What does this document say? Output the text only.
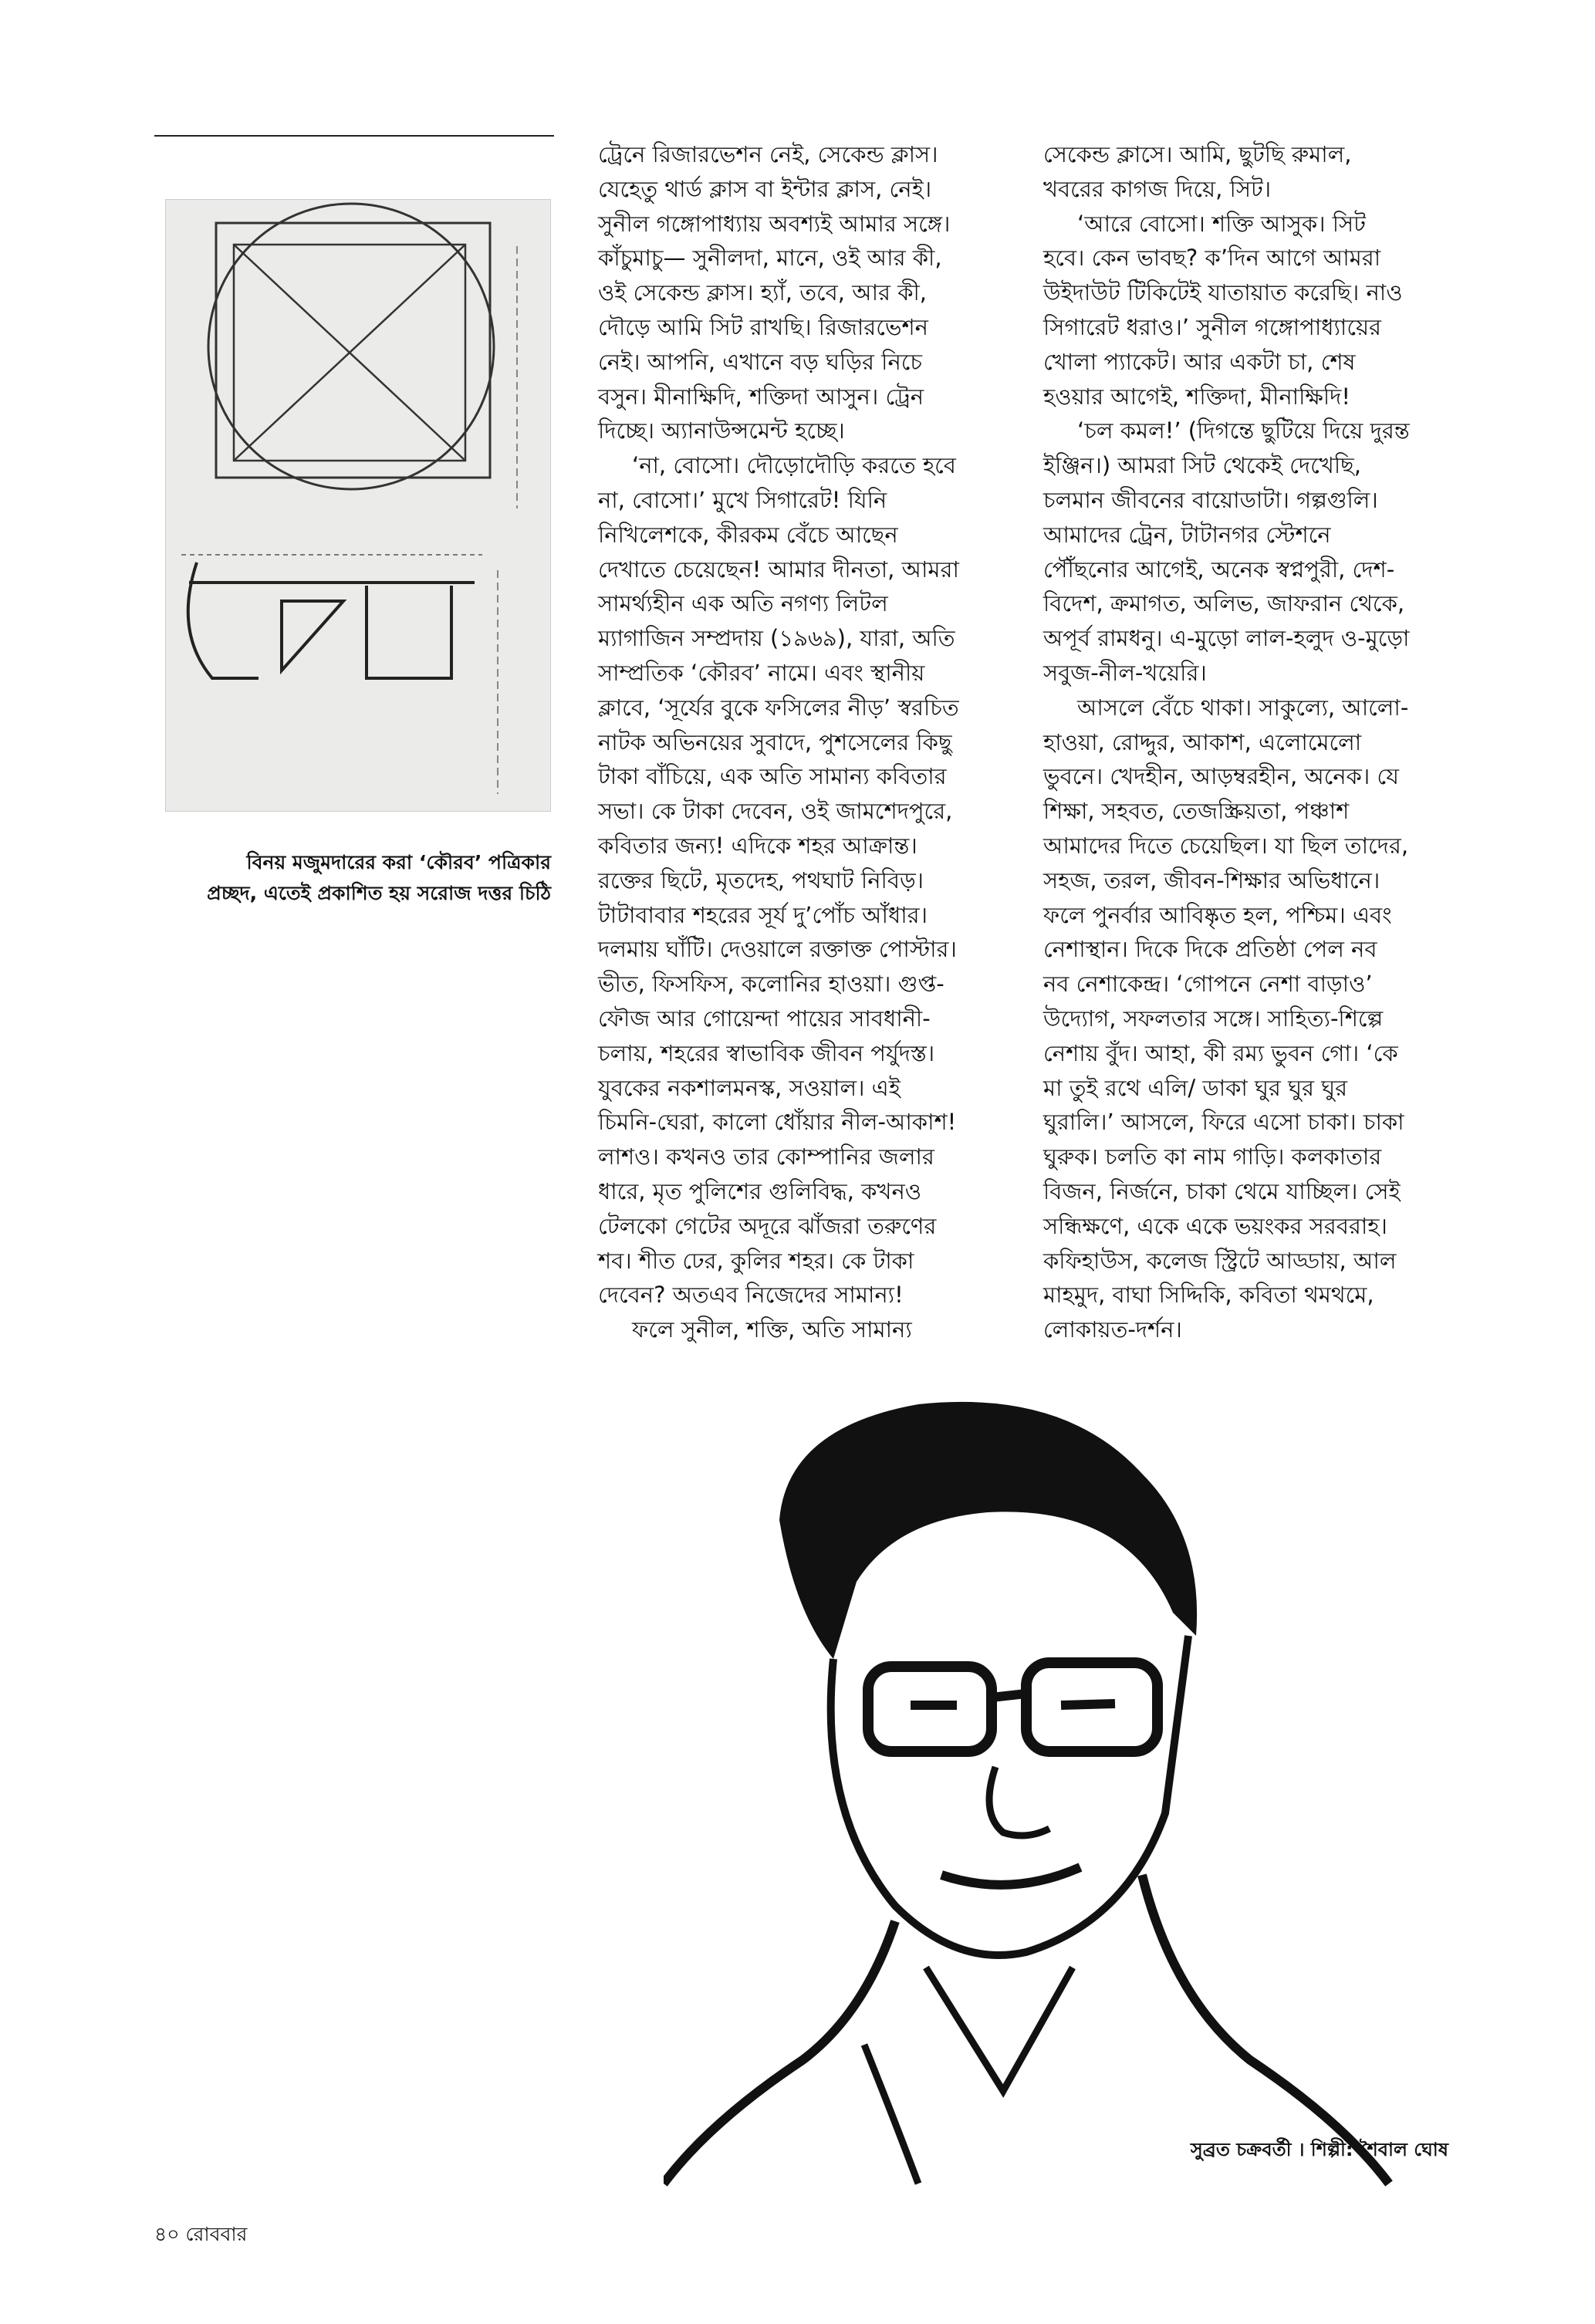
বিনয় মজুমদারের করা ‘কৌরব’ পত্রিকার
প্রচ্ছদ, এতেই প্রকাশিত হয় সরোজ দত্তর চিঠি
ট্রেনে রিজারভেশন নেই, সেকেন্ড ক্লাস।
যেহেতু থার্ড ক্লাস বা ইন্টার ক্লাস, নেই।
সুনীল গঙ্গোপাধ্যায় অবশ্যই আমার সঙ্গে।
কাঁচুমাচু— সুনীলদা, মানে, ওই আর কী,
ওই সেকেন্ড ক্লাস। হ্যাঁ, তবে, আর কী,
দৌড়ে আমি সিট রাখছি। রিজারভেশন
নেই। আপনি, এখানে বড় ঘড়ির নিচে
বসুন। মীনাক্ষিদি, শক্তিদা আসুন। ট্রেন
দিচ্ছে। অ্যানাউন্সমেন্ট হচ্ছে।
‘না, বোসো। দৌড়োদৌড়ি করতে হবে
না, বোসো।’ মুখে সিগারেট! যিনি
নিখিলেশকে, কীরকম বেঁচে আছেন
দেখাতে চেয়েছেন! আমার দীনতা, আমরা
সামর্থ্যহীন এক অতি নগণ্য লিটল
ম্যাগাজিন সম্প্রদায় (১৯৬৯), যারা, অতি
সাম্প্রতিক ‘কৌরব’ নামে। এবং স্থানীয়
ক্লাবে, ‘সূর্যের বুকে ফসিলের নীড়’ স্বরচিত
নাটক অভিনয়ের সুবাদে, পুশসেলের কিছু
টাকা বাঁচিয়ে, এক অতি সামান্য কবিতার
সভা। কে টাকা দেবেন, ওই জামশেদপুরে,
কবিতার জন্য! এদিকে শহর আক্রান্ত।
রক্তের ছিটে, মৃতদেহ, পথঘাট নিবিড়।
টাটাবাবার শহরের সূর্য দু’পোঁচ আঁধার।
দলমায় ঘাঁটি। দেওয়ালে রক্তাক্ত পোস্টার।
ভীত, ফিসফিস, কলোনির হাওয়া। গুপ্ত-
ফৌজ আর গোয়েন্দা পায়ের সাবধানী-
চলায়, শহরের স্বাভাবিক জীবন পর্যুদস্ত।
যুবকের নকশালমনস্ক, সওয়াল। এই
চিমনি-ঘেরা, কালো ধোঁয়ার নীল-আকাশ!
লাশও। কখনও তার কোম্পানির জলার
ধারে, মৃত পুলিশের গুলিবিদ্ধ, কখনও
টেলকো গেটের অদূরে ঝাঁজরা তরুণের
শব। শীত ঢের, কুলির শহর। কে টাকা
দেবেন? অতএব নিজেদের সামান্য!
ফলে সুনীল, শক্তি, অতি সামান্য
সেকেন্ড ক্লাসে। আমি, ছুটছি রুমাল,
খবরের কাগজ দিয়ে, সিট।
‘আরে বোসো। শক্তি আসুক। সিট
হবে। কেন ভাবছ? ক’দিন আগে আমরা
উইদাউট টিকিটেই যাতায়াত করেছি। নাও
সিগারেট ধরাও।’ সুনীল গঙ্গোপাধ্যায়ের
খোলা প্যাকেট। আর একটা চা, শেষ
হওয়ার আগেই, শক্তিদা, মীনাক্ষিদি!
‘চল কমল!’ (দিগন্তে ছুটিয়ে দিয়ে দুরন্ত
ইঞ্জিন।) আমরা সিট থেকেই দেখেছি,
চলমান জীবনের বায়োডাটা। গল্পগুলি।
আমাদের ট্রেন, টাটানগর স্টেশনে
পৌঁছনোর আগেই, অনেক স্বপ্নপুরী, দেশ-
বিদেশ, ক্রমাগত, অলিভ, জাফরান থেকে,
অপূর্ব রামধনু। এ-মুড়ো লাল-হলুদ ও-মুড়ো
সবুজ-নীল-খয়েরি।
আসলে বেঁচে থাকা। সাকুল্যে, আলো-
হাওয়া, রোদ্দুর, আকাশ, এলোমেলো
ভুবনে। খেদহীন, আড়ম্বরহীন, অনেক। যে
শিক্ষা, সহবত, তেজস্ক্রিয়তা, পঞ্চাশ
আমাদের দিতে চেয়েছিল। যা ছিল তাদের,
সহজ, তরল, জীবন-শিক্ষার অভিধানে।
ফলে পুনর্বার আবিষ্কৃত হল, পশ্চিম। এবং
নেশাস্থান। দিকে দিকে প্রতিষ্ঠা পেল নব
নব নেশাকেন্দ্র। ‘গোপনে নেশা বাড়াও’
উদ্যোগ, সফলতার সঙ্গে। সাহিত্য-শিল্পে
নেশায় বুঁদ। আহা, কী রম্য ভুবন গো। ‘কে
মা তুই রথে এলি/ ডাকা ঘুর ঘুর ঘুর
ঘুরালি।’ আসলে, ফিরে এসো চাকা। চাকা
ঘুরুক। চলতি কা নাম গাড়ি। কলকাতার
বিজন, নির্জনে, চাকা থেমে যাচ্ছিল। সেই
সন্ধিক্ষণে, একে একে ভয়ংকর সরবরাহ।
কফিহাউস, কলেজ স্ট্রিটে আড্ডায়, আল
মাহমুদ, বাঘা সিদ্দিকি, কবিতা থমথমে,
লোকায়ত-দর্শন।
সুব্রত চক্রবর্তী । শিল্পী: শৈবাল ঘোষ
৪০ রোববার
